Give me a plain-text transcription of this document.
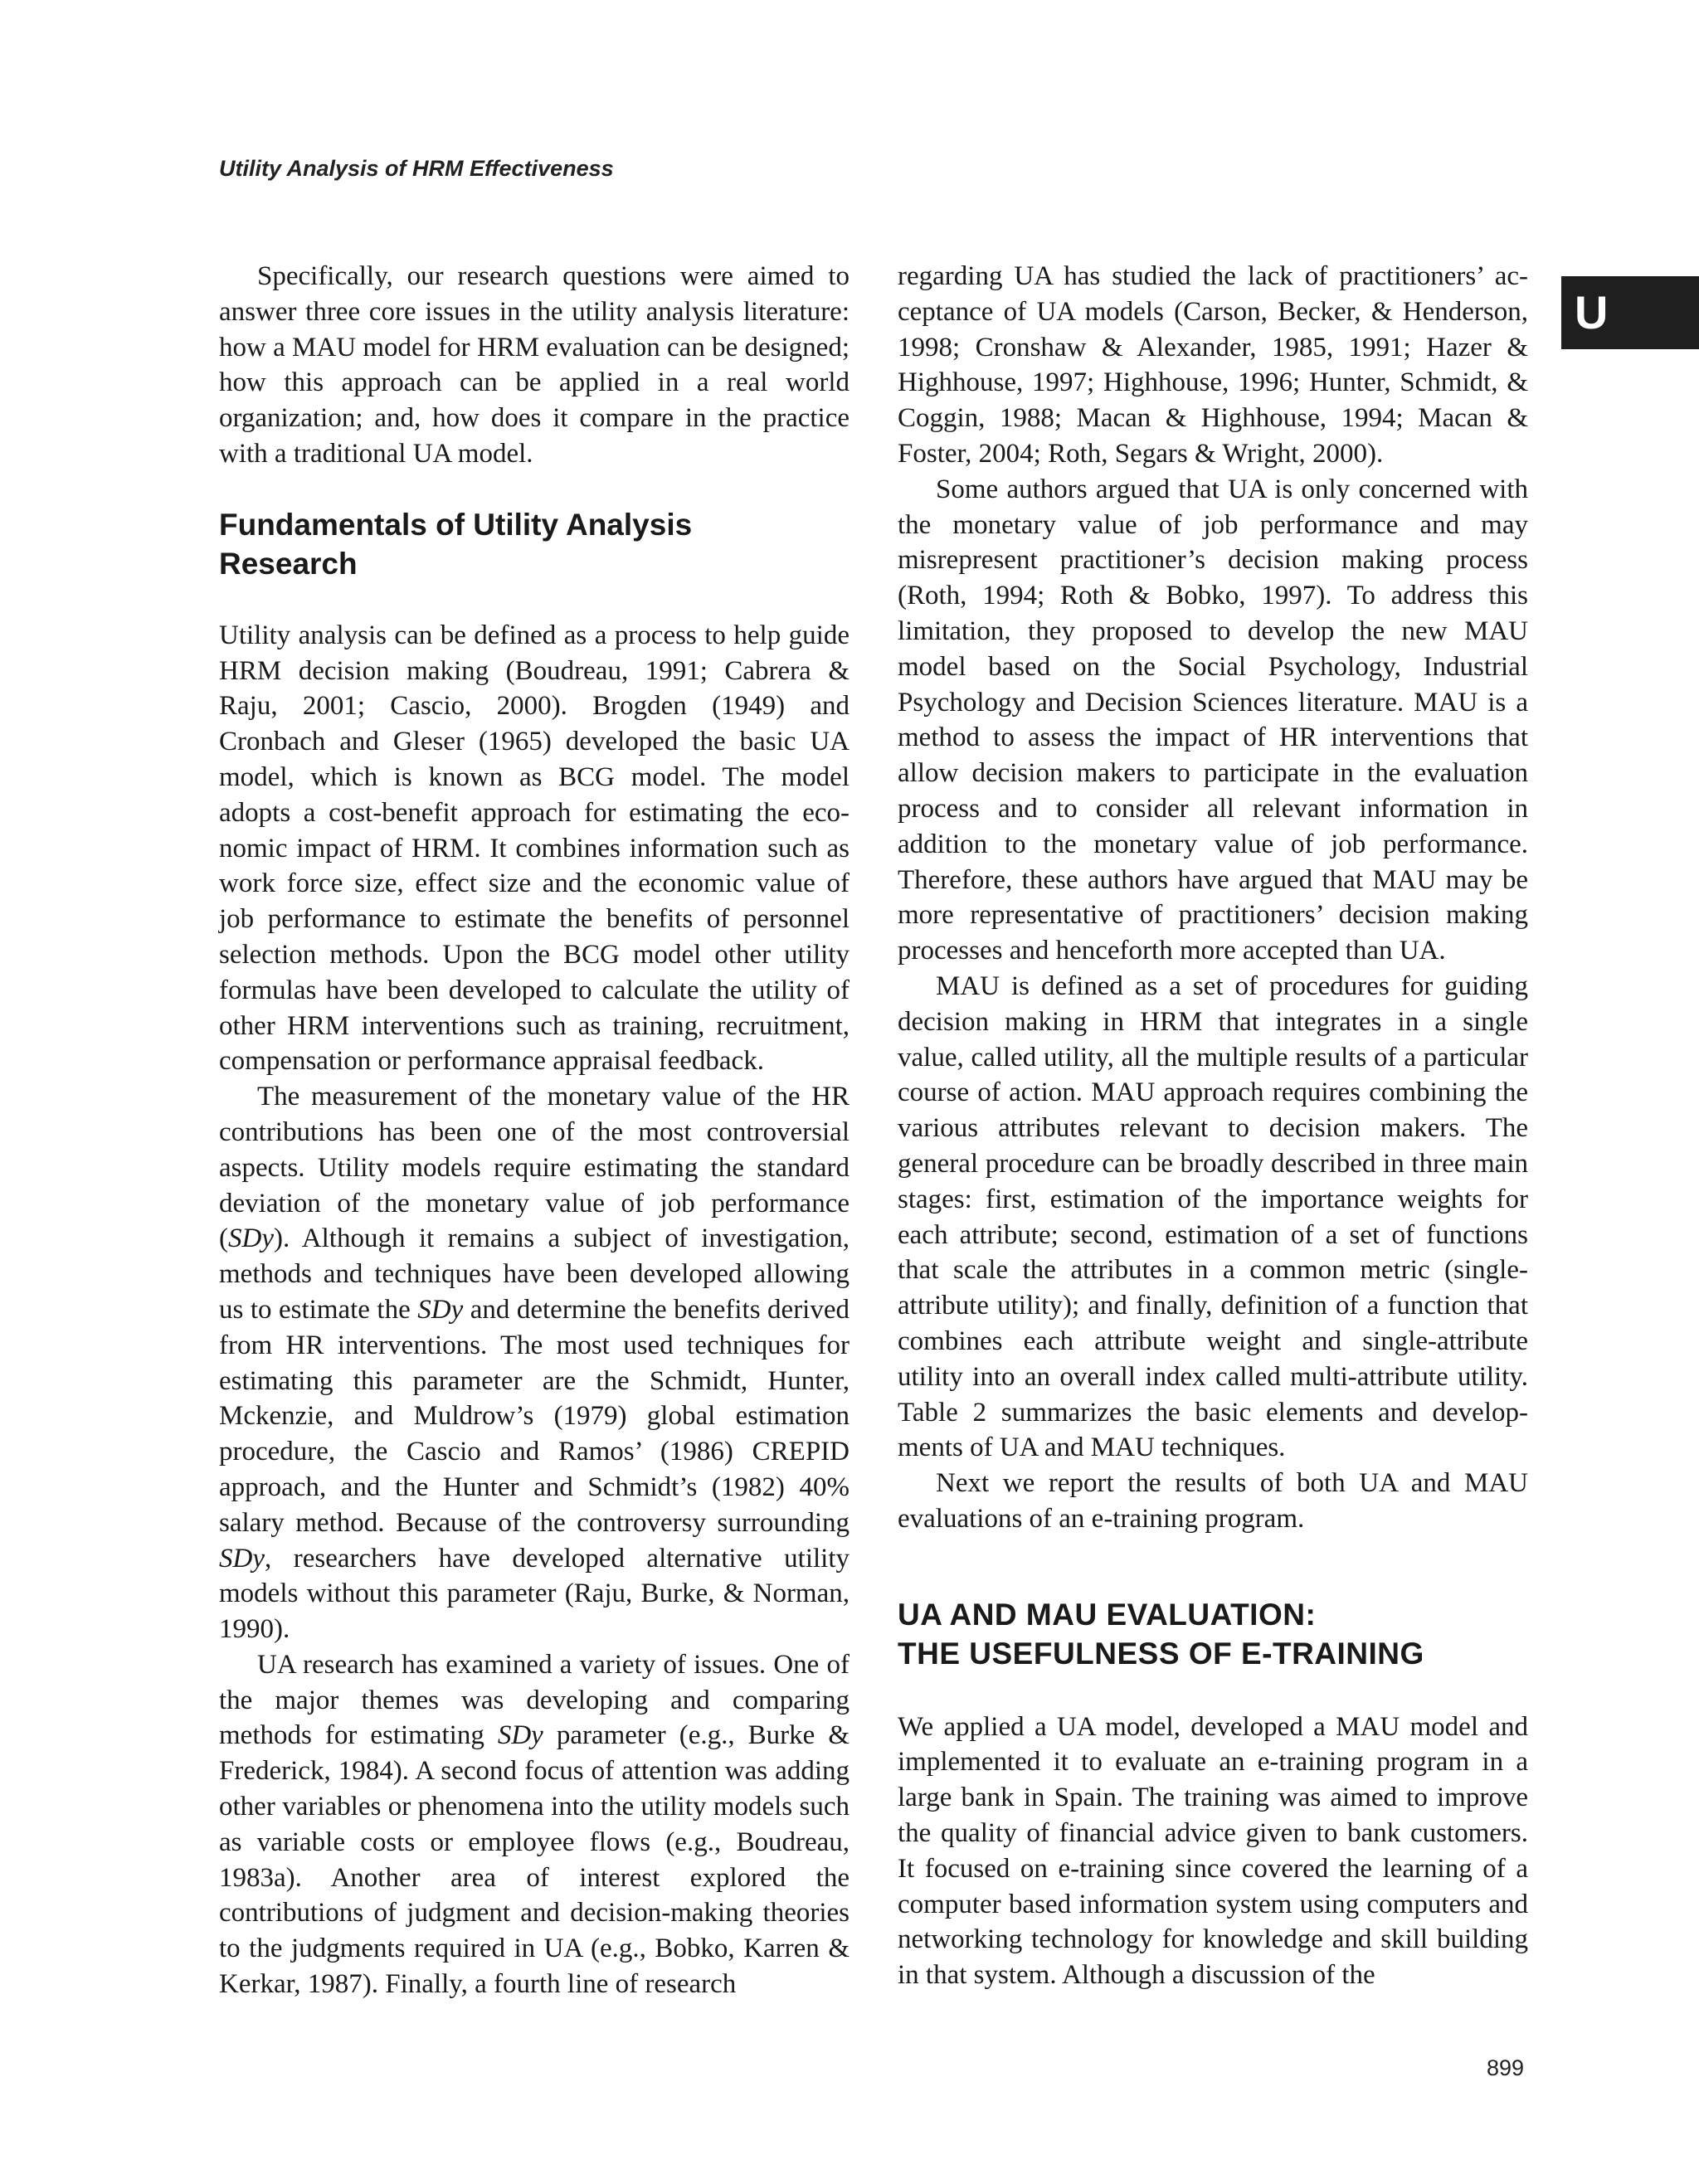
Utility Analysis of HRM Effectiveness
U

Specifically, our research questions were aimed to answer three core issues in the utility analysis literature: how a MAU model for HRM evaluation can be designed; how this approach can be applied in a real world organization; and, how does it compare in the practice with a traditional UA model.

Fundamentals of Utility Analysis
Research

Utility analysis can be defined as a process to help guide HRM decision making (Boudreau, 1991; Cabrera & Raju, 2001; Cascio, 2000). Brogden (1949) and Cronbach and Gleser (1965) developed the basic UA model, which is known as BCG model. The model adopts a cost-benefit approach for estimating the economic impact of HRM. It combines information such as work force size, effect size and the economic value of job performance to estimate the benefits of personnel selection methods. Upon the BCG model other utility formulas have been developed to calculate the utility of other HRM interventions such as training, recruitment, compensation or performance appraisal feedback.

The measurement of the monetary value of the HR contributions has been one of the most controversial aspects. Utility models require estimating the standard deviation of the monetary value of job performance (SDy). Although it remains a subject of investigation, methods and techniques have been developed allowing us to estimate the SDy and determine the benefits derived from HR interventions. The most used techniques for estimating this parameter are the Schmidt, Hunter, Mckenzie, and Muldrow’s (1979) global estimation procedure, the Cascio and Ramos’ (1986) CREPID approach, and the Hunter and Schmidt’s (1982) 40% salary method. Because of the controversy surrounding SDy, researchers have developed alternative utility models without this parameter (Raju, Burke, & Norman, 1990).

UA research has examined a variety of issues. One of the major themes was developing and comparing methods for estimating SDy parameter (e.g., Burke & Frederick, 1984). A second focus of attention was adding other variables or phenomena into the utility models such as variable costs or employee flows (e.g., Boudreau, 1983a). Another area of interest explored the contributions of judgment and decision-making theories to the judgments required in UA (e.g., Bobko, Karren & Kerkar, 1987). Finally, a fourth line of research

regarding UA has studied the lack of practitioners’ acceptance of UA models (Carson, Becker, & Henderson, 1998; Cronshaw & Alexander, 1985, 1991; Hazer & Highhouse, 1997; Highhouse, 1996; Hunter, Schmidt, & Coggin, 1988; Macan & Highhouse, 1994; Macan & Foster, 2004; Roth, Segars & Wright, 2000).

Some authors argued that UA is only concerned with the monetary value of job performance and may misrepresent practitioner’s decision making process (Roth, 1994; Roth & Bobko, 1997). To address this limitation, they proposed to develop the new MAU model based on the Social Psychology, Industrial Psychology and Decision Sciences literature. MAU is a method to assess the impact of HR interventions that allow decision makers to participate in the evaluation process and to consider all relevant information in addition to the monetary value of job performance. Therefore, these authors have argued that MAU may be more representative of practitioners’ decision making processes and henceforth more accepted than UA.

MAU is defined as a set of procedures for guiding decision making in HRM that integrates in a single value, called utility, all the multiple results of a particular course of action. MAU approach requires combining the various attributes relevant to decision makers. The general procedure can be broadly described in three main stages: first, estimation of the importance weights for each attribute; second, estimation of a set of functions that scale the attributes in a common metric (single-attribute utility); and finally, definition of a function that combines each attribute weight and single-attribute utility into an overall index called multi-attribute utility. Table 2 summarizes the basic elements and developments of UA and MAU techniques.

Next we report the results of both UA and MAU evaluations of an e-training program.

UA AND MAU EVALUATION:
THE USEFULNESS OF E-TRAINING

We applied a UA model, developed a MAU model and implemented it to evaluate an e-training program in a large bank in Spain. The training was aimed to improve the quality of financial advice given to bank customers. It focused on e-training since covered the learning of a computer based information system using computers and networking technology for knowledge and skill building in that system. Although a discussion of the

899
